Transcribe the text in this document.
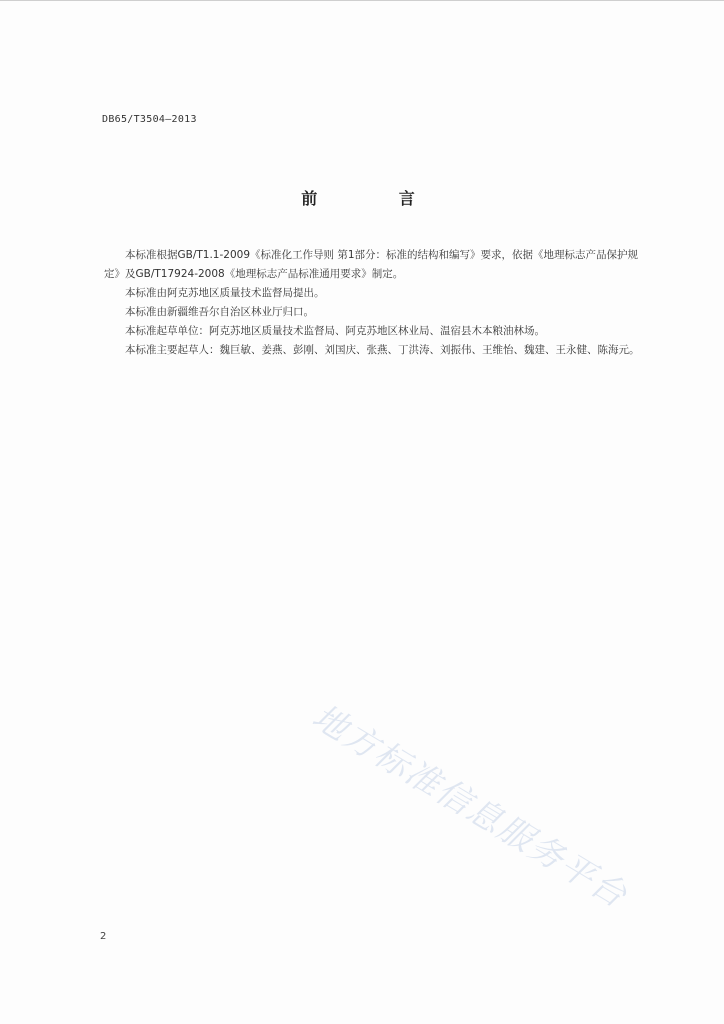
DB65/T3504—2013
前 言

本标准根据GB/T1.1-2009《标准化工作导则 第1部分：标准的结构和编写》要求，依据《地理标志产品保护规定》及GB/T17924-2008《地理标志产品标准通用要求》制定。

本标准由阿克苏地区质量技术监督局提出。

本标准由新疆维吾尔自治区林业厅归口。

本标准起草单位：阿克苏地区质量技术监督局、阿克苏地区林业局、温宿县木本粮油林场。

本标准主要起草人：魏巨敏、姜燕、彭刚、刘国庆、张燕、丁洪涛、刘振伟、王维怡、魏建、王永健、陈海元。

地方标准信息服务平台
2
